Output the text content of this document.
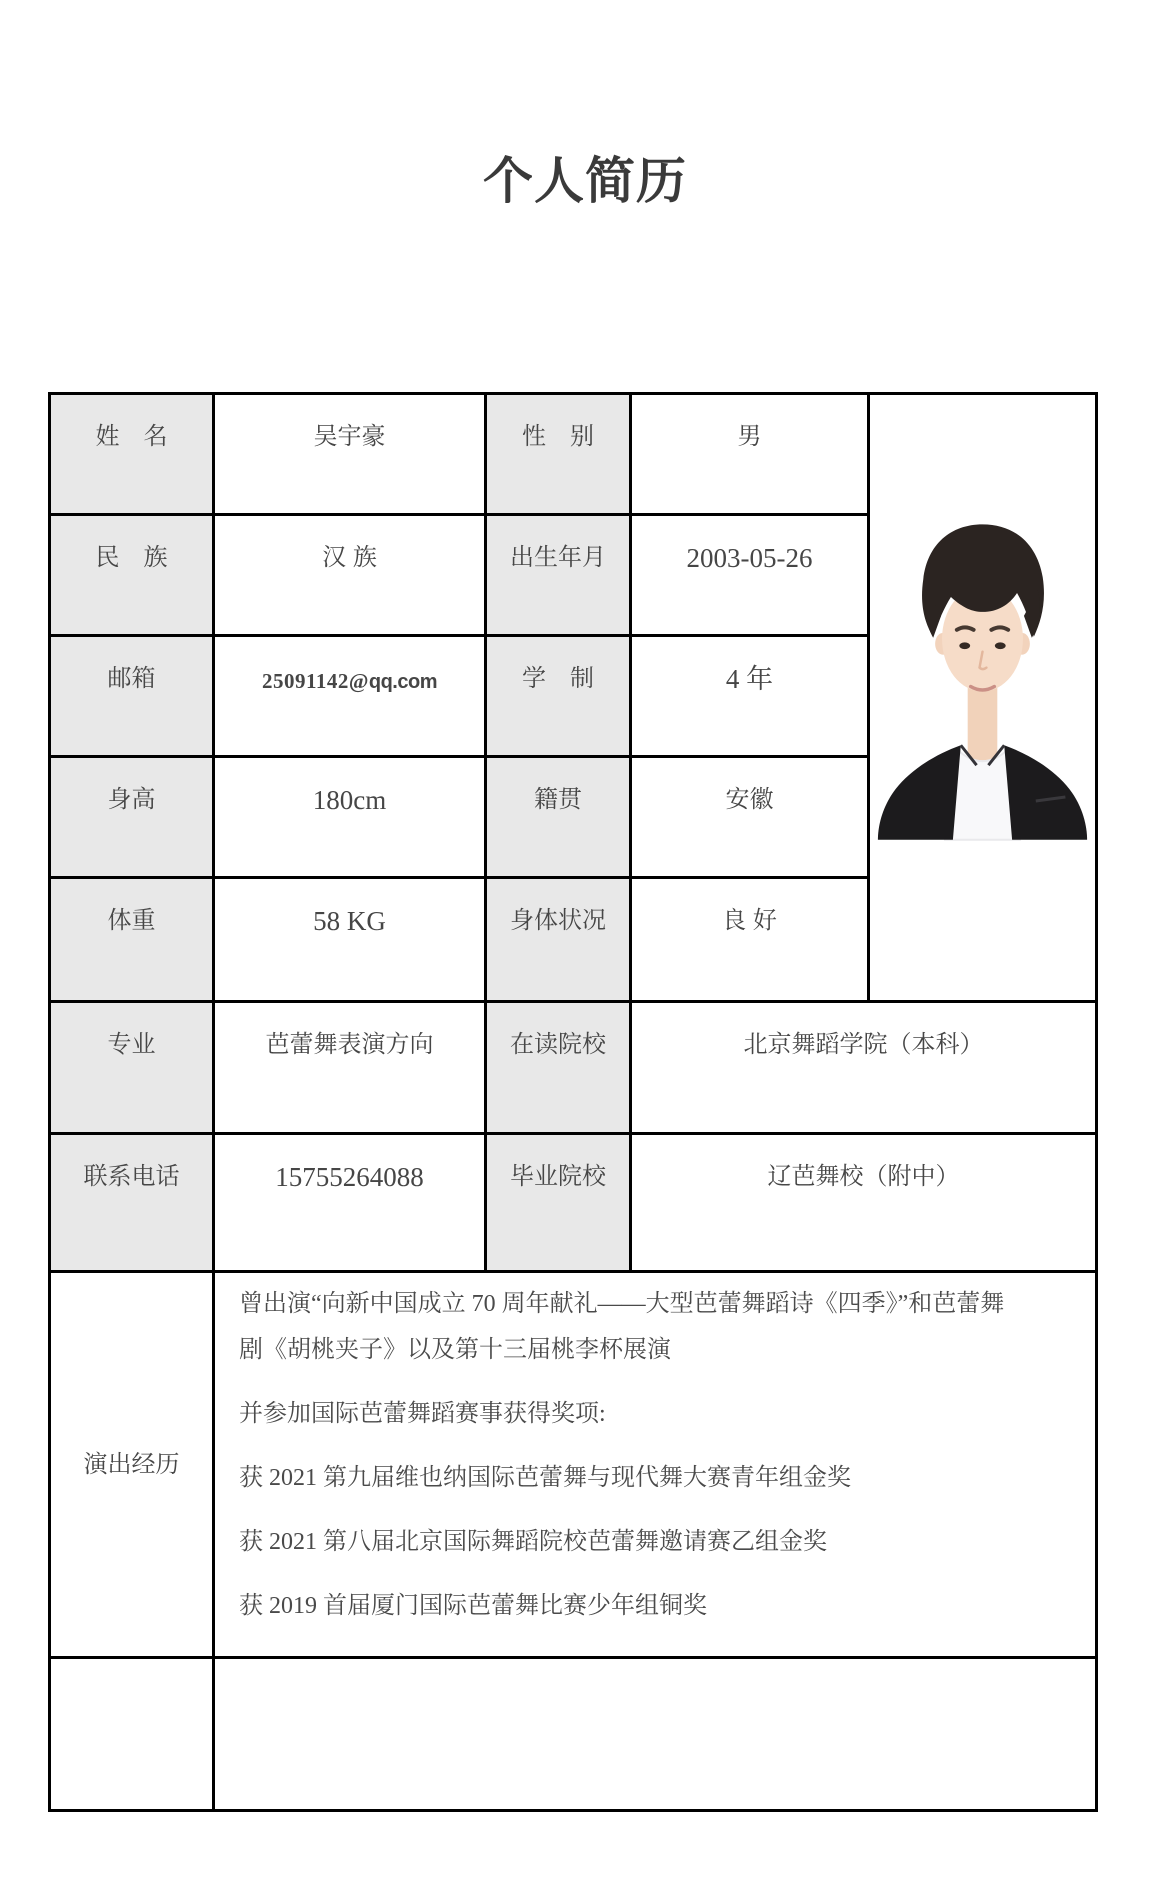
个人简历
姓　名	吴宇豪	性　别	男	

民　族	汉 族	出生年月	2003-05-26	
邮箱	25091142@qq.com	学　制	4 年	
身高	180cm	籍贯	安徽	
体重	58 KG	身体状况	良 好	
专业	芭蕾舞表演方向	在读院校	北京舞蹈学院（本科）	
联系电话	15755264088	毕业院校	辽芭舞校（附中）	
演出经历	曾出演“向新中国成立 70 周年献礼——大型芭蕾舞蹈诗《四季》”和芭蕾舞剧《胡桃夹子》以及第十三届桃李杯展演

并参加国际芭蕾舞蹈赛事获得奖项:

获 2021 第九届维也纳国际芭蕾舞与现代舞大赛青年组金奖

获 2021 第八届北京国际舞蹈院校芭蕾舞邀请赛乙组金奖

获 2019 首届厦门国际芭蕾舞比赛少年组铜奖			
